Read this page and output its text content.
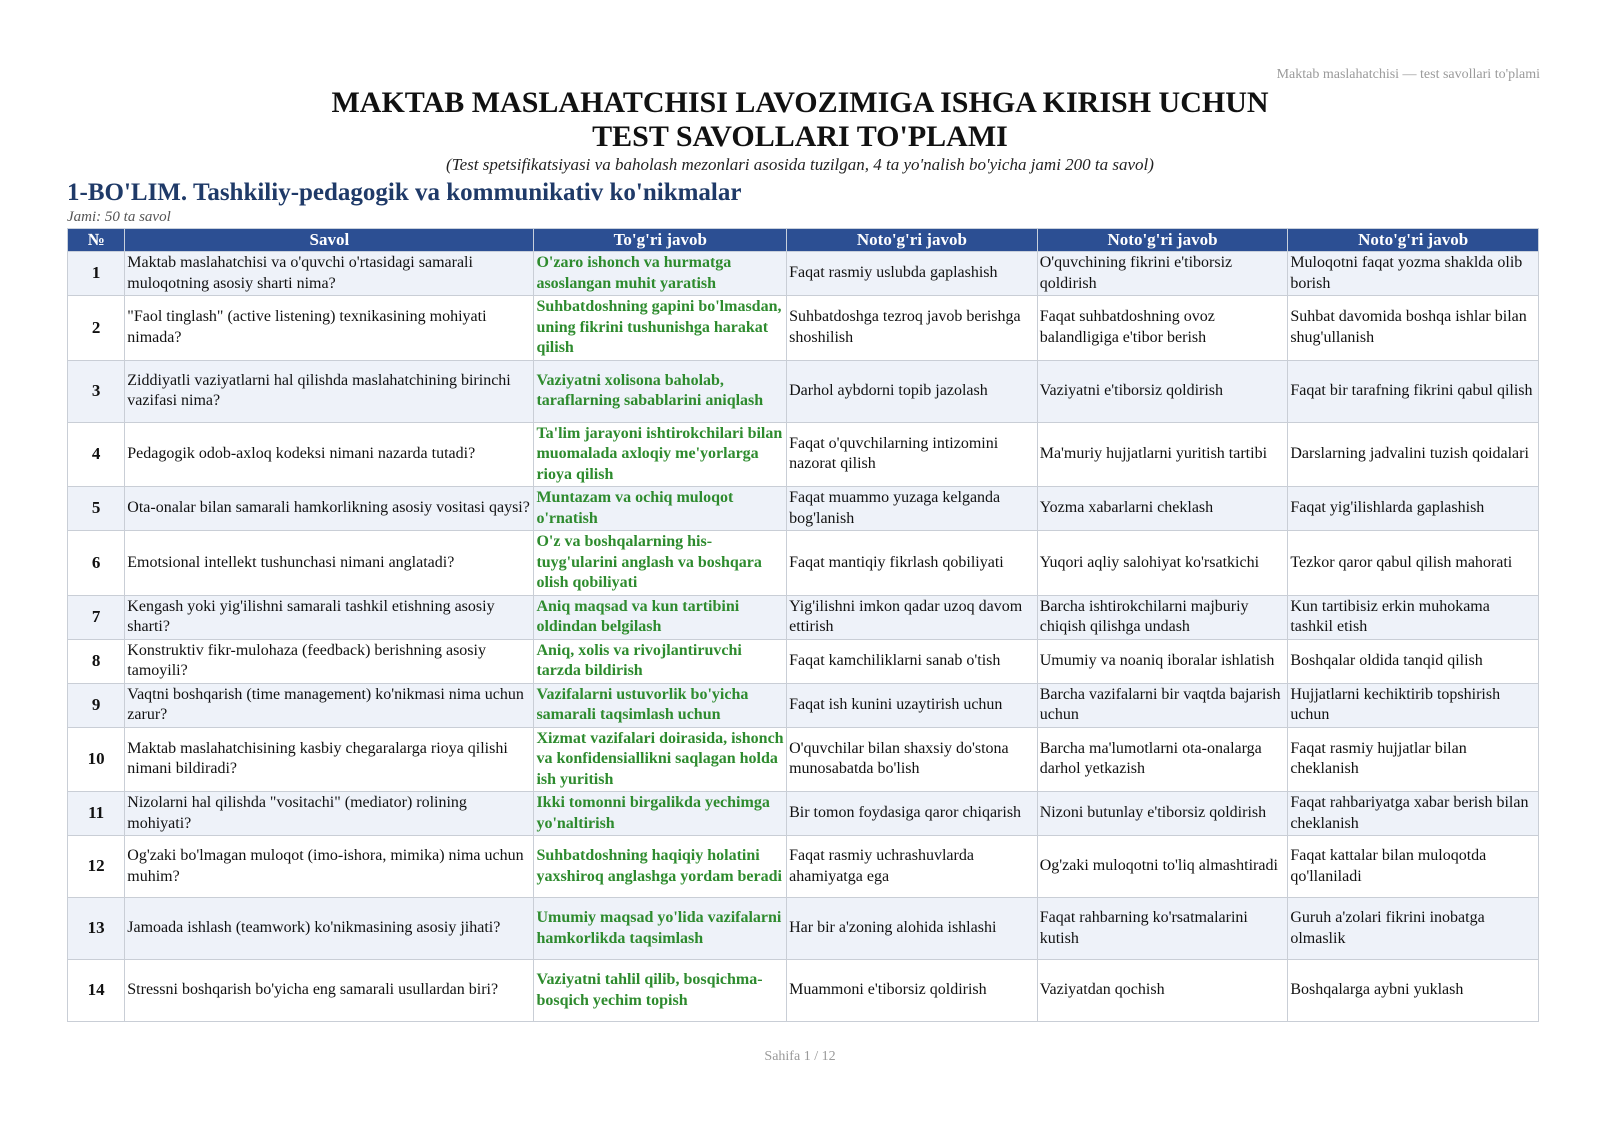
Maktab maslahatchisi — test savollari to'plami
MAKTAB MASLAHATCHISI LAVOZIMIGA ISHGA KIRISH UCHUN
TEST SAVOLLARI TO'PLAMI
(Test spetsifikatsiyasi va baholash mezonlari asosida tuzilgan, 4 ta yo'nalish bo'yicha jami 200 ta savol)
1-BO'LIM. Tashkiliy-pedagogik va kommunikativ ko'nikmalar
Jami: 50 ta savol
№	Savol	To'g'ri javob	Noto'g'ri javob	Noto'g'ri javob	Noto'g'ri javob
1	Maktab maslahatchisi va o'quvchi o'rtasidagi samarali muloqotning asosiy sharti nima?	O'zaro ishonch va hurmatga asoslangan muhit yaratish	Faqat rasmiy uslubda gaplashish	O'quvchining fikrini e'tiborsiz qoldirish	Muloqotni faqat yozma shaklda olib borish
2	"Faol tinglash" (active listening) texnikasining mohiyati nimada?	Suhbatdoshning gapini bo'lmasdan, uning fikrini tushunishga harakat qilish	Suhbatdoshga tezroq javob berishga shoshilish	Faqat suhbatdoshning ovoz balandligiga e'tibor berish	Suhbat davomida boshqa ishlar bilan shug'ullanish
3	Ziddiyatli vaziyatlarni hal qilishda maslahatchining birinchi vazifasi nima?	Vaziyatni xolisona baholab, taraflarning sabablarini aniqlash	Darhol aybdorni topib jazolash	Vaziyatni e'tiborsiz qoldirish	Faqat bir tarafning fikrini qabul qilish
4	Pedagogik odob-axloq kodeksi nimani nazarda tutadi?	Ta'lim jarayoni ishtirokchilari bilan muomalada axloqiy me'yorlarga rioya qilish	Faqat o'quvchilarning intizomini nazorat qilish	Ma'muriy hujjatlarni yuritish tartibi	Darslarning jadvalini tuzish qoidalari
5	Ota-onalar bilan samarali hamkorlikning asosiy vositasi qaysi?	Muntazam va ochiq muloqot o'rnatish	Faqat muammo yuzaga kelganda bog'lanish	Yozma xabarlarni cheklash	Faqat yig'ilishlarda gaplashish
6	Emotsional intellekt tushunchasi nimani anglatadi?	O'z va boshqalarning his-tuyg'ularini anglash va boshqara olish qobiliyati	Faqat mantiqiy fikrlash qobiliyati	Yuqori aqliy salohiyat ko'rsatkichi	Tezkor qaror qabul qilish mahorati
7	Kengash yoki yig'ilishni samarali tashkil etishning asosiy sharti?	Aniq maqsad va kun tartibini oldindan belgilash	Yig'ilishni imkon qadar uzoq davom ettirish	Barcha ishtirokchilarni majburiy chiqish qilishga undash	Kun tartibisiz erkin muhokama tashkil etish
8	Konstruktiv fikr-mulohaza (feedback) berishning asosiy tamoyili?	Aniq, xolis va rivojlantiruvchi tarzda bildirish	Faqat kamchiliklarni sanab o'tish	Umumiy va noaniq iboralar ishlatish	Boshqalar oldida tanqid qilish
9	Vaqtni boshqarish (time management) ko'nikmasi nima uchun zarur?	Vazifalarni ustuvorlik bo'yicha samarali taqsimlash uchun	Faqat ish kunini uzaytirish uchun	Barcha vazifalarni bir vaqtda bajarish uchun	Hujjatlarni kechiktirib topshirish uchun
10	Maktab maslahatchisining kasbiy chegaralarga rioya qilishi nimani bildiradi?	Xizmat vazifalari doirasida, ishonch va konfidensiallikni saqlagan holda ish yuritish	O'quvchilar bilan shaxsiy do'stona munosabatda bo'lish	Barcha ma'lumotlarni ota-onalarga darhol yetkazish	Faqat rasmiy hujjatlar bilan cheklanish
11	Nizolarni hal qilishda "vositachi" (mediator) rolining mohiyati?	Ikki tomonni birgalikda yechimga yo'naltirish	Bir tomon foydasiga qaror chiqarish	Nizoni butunlay e'tiborsiz qoldirish	Faqat rahbariyatga xabar berish bilan cheklanish
12	Og'zaki bo'lmagan muloqot (imo-ishora, mimika) nima uchun muhim?	Suhbatdoshning haqiqiy holatini yaxshiroq anglashga yordam beradi	Faqat rasmiy uchrashuvlarda ahamiyatga ega	Og'zaki muloqotni to'liq almashtiradi	Faqat kattalar bilan muloqotda qo'llaniladi
13	Jamoada ishlash (teamwork) ko'nikmasining asosiy jihati?	Umumiy maqsad yo'lida vazifalarni hamkorlikda taqsimlash	Har bir a'zoning alohida ishlashi	Faqat rahbarning ko'rsatmalarini kutish	Guruh a'zolari fikrini inobatga olmaslik
14	Stressni boshqarish bo'yicha eng samarali usullardan biri?	Vaziyatni tahlil qilib, bosqichma-bosqich yechim topish	Muammoni e'tiborsiz qoldirish	Vaziyatdan qochish	Boshqalarga aybni yuklash
Sahifa 1 / 12
